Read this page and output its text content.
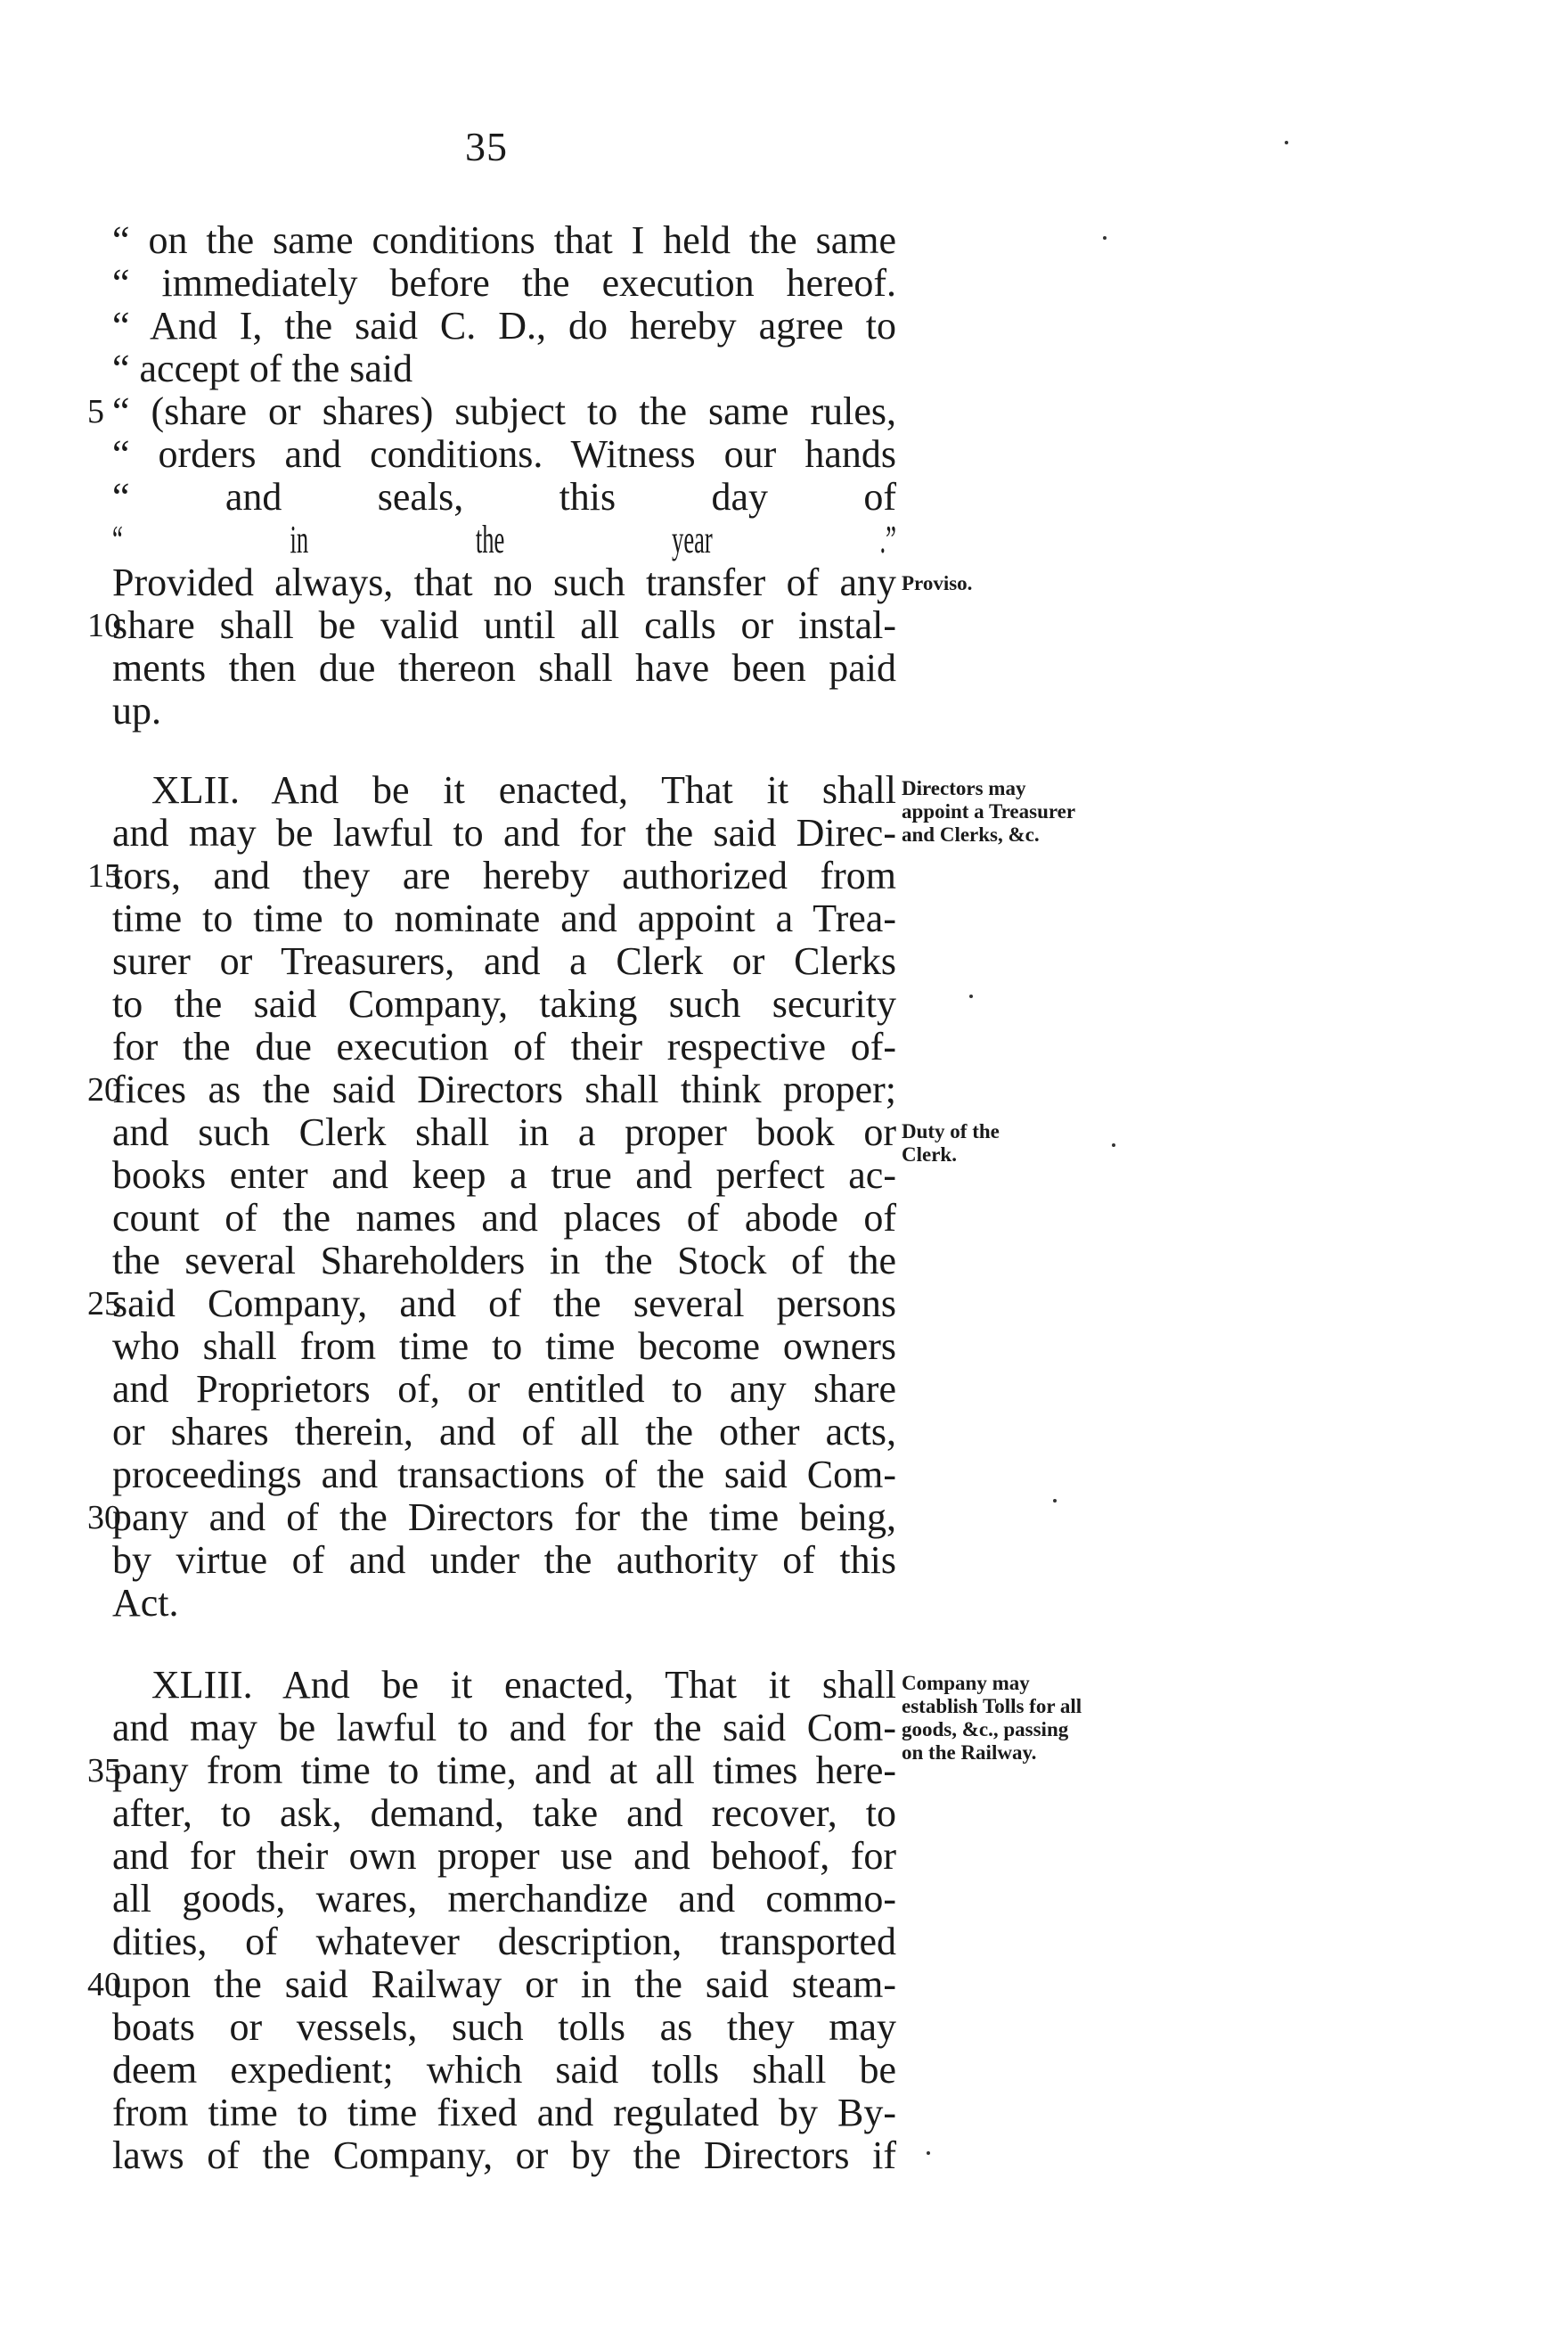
35
“ on the same conditions that I held the same
“ immediately before the execution hereof.
“ And I, the said C. D., do hereby agree to
“ accept of the said
“ (share or shares) subject to the same rules,
“ orders and conditions. Witness our hands
“ and seals, this day of
“ in the year .”
Provided always, that no such transfer of any
share shall be valid until all calls or instal-
ments then due thereon shall have been paid
up.
XLII. And be it enacted, That it shall
and may be lawful to and for the said Direc-
tors, and they are hereby authorized from
time to time to nominate and appoint a Trea-
surer or Treasurers, and a Clerk or Clerks
to the said Company, taking such security
for the due execution of their respective of-
fices as the said Directors shall think proper;
and such Clerk shall in a proper book or
books enter and keep a true and perfect ac-
count of the names and places of abode of
the several Shareholders in the Stock of the
said Company, and of the several persons
who shall from time to time become owners
and Proprietors of, or entitled to any share
or shares therein, and of all the other acts,
proceedings and transactions of the said Com-
pany and of the Directors for the time being,
by virtue of and under the authority of this
Act.
XLIII. And be it enacted, That it shall
and may be lawful to and for the said Com-
pany from time to time, and at all times here-
after, to ask, demand, take and recover, to
and for their own proper use and behoof, for
all goods, wares, merchandize and commo-
dities, of whatever description, transported
upon the said Railway or in the said steam-
boats or vessels, such tolls as they may
deem expedient; which said tolls shall be
from time to time fixed and regulated by By-
laws of the Company, or by the Directors if
5
10
15
20
25
30
35
40
Proviso.
Directors may appoint a Treasurer and Clerks, &c.
Duty of the Clerk.
Company may establish Tolls for all goods, &c., passing on the Railway.
